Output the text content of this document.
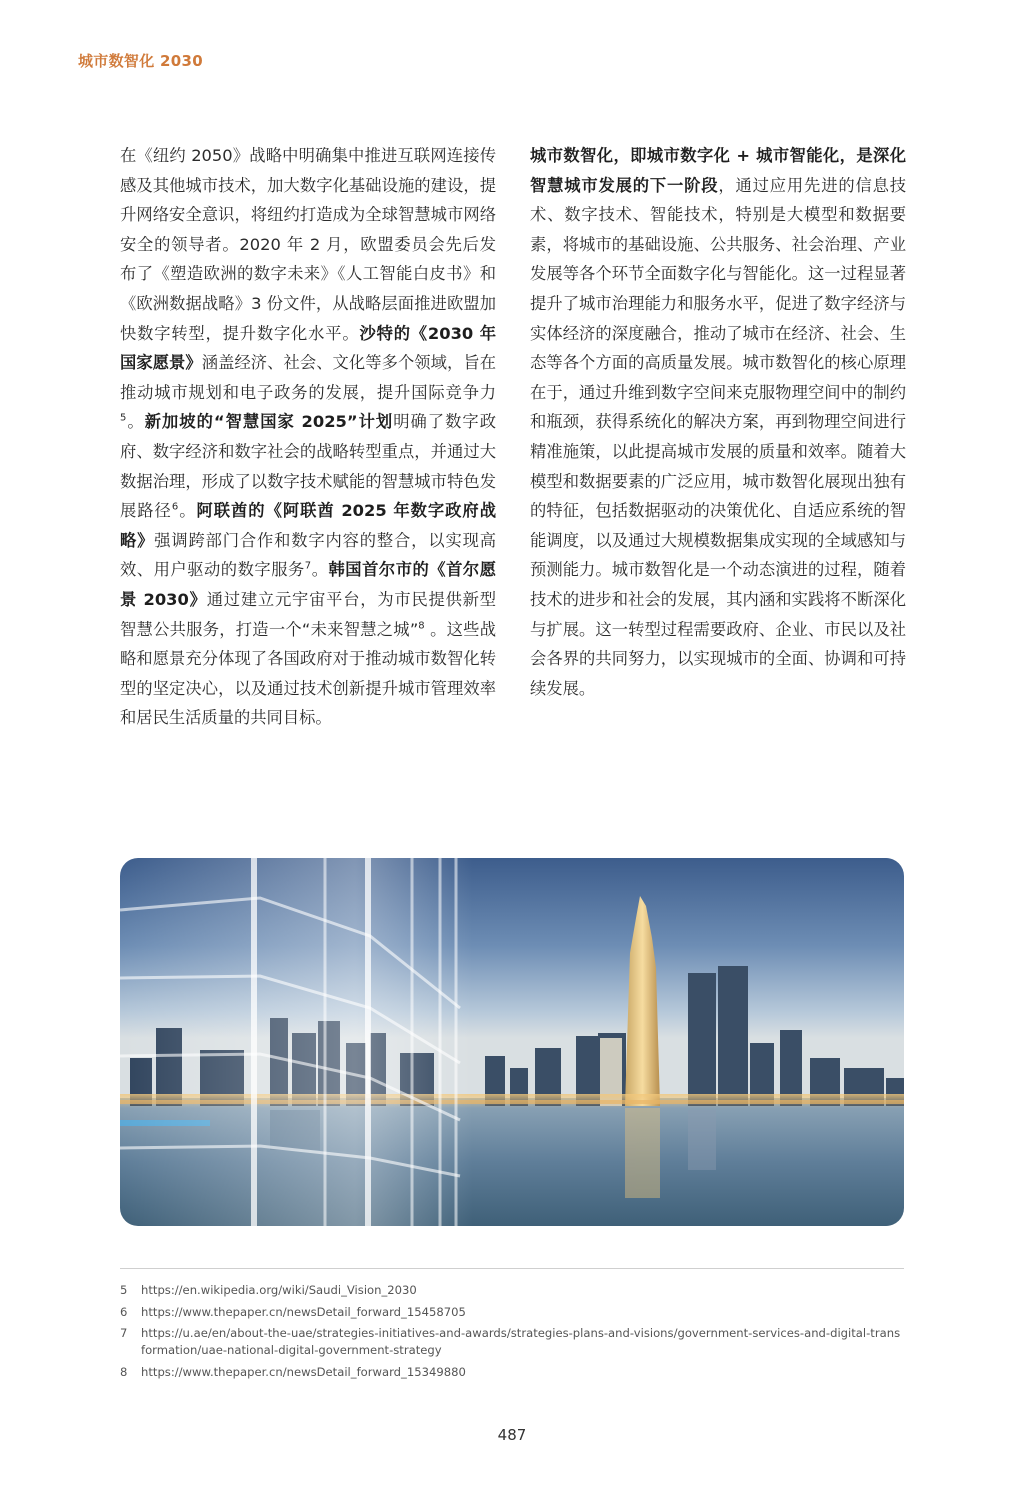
城市数智化 2030
在《纽约 2050》战略中明确集中推进互联网连接传感及其他城市技术，加大数字化基础设施的建设，提升网络安全意识，将纽约打造成为全球智慧城市网络安全的领导者。2020 年 2 月，欧盟委员会先后发布了《塑造欧洲的数字未来》《人工智能白皮书》和《欧洲数据战略》3 份文件，从战略层面推进欧盟加快数字转型，提升数字化水平。沙特的《2030 年国家愿景》涵盖经济、社会、文化等多个领域，旨在推动城市规划和电子政务的发展，提升国际竞争力$^5$。新加坡的“智慧国家 2025”计划明确了数字政府、数字经济和数字社会的战略转型重点，并通过大数据治理，形成了以数字技术赋能的智慧城市特色发展路径$^6$。阿联酋的《阿联酋 2025 年数字政府战略》强调跨部门合作和数字内容的整合，以实现高效、用户驱动的数字服务$^7$。韩国首尔市的《首尔愿景 2030》通过建立元宇宙平台，为市民提供新型智慧公共服务，打造一个“未来智慧之城”$^8$ 。这些战略和愿景充分体现了各国政府对于推动城市数智化转型的坚定决心，以及通过技术创新提升城市管理效率和居民生活质量的共同目标。
城市数智化，即城市数字化 + 城市智能化，是深化智慧城市发展的下一阶段，通过应用先进的信息技术、数字技术、智能技术，特别是大模型和数据要素，将城市的基础设施、公共服务、社会治理、产业发展等各个环节全面数字化与智能化。这一过程显著提升了城市治理能力和服务水平，促进了数字经济与实体经济的深度融合，推动了城市在经济、社会、生态等各个方面的高质量发展。城市数智化的核心原理在于，通过升维到数字空间来克服物理空间中的制约和瓶颈，获得系统化的解决方案，再到物理空间进行精准施策，以此提高城市发展的质量和效率。随着大模型和数据要素的广泛应用，城市数智化展现出独有的特征，包括数据驱动的决策优化、自适应系统的智能调度，以及通过大规模数据集成实现的全域感知与预测能力。城市数智化是一个动态演进的过程，随着技术的进步和社会的发展，其内涵和实践将不断深化与扩展。这一转型过程需要政府、企业、市民以及社会各界的共同努力，以实现城市的全面、协调和可持续发展。
5	https://en.wikipedia.org/wiki/Saudi_Vision_2030
6	https://www.thepaper.cn/newsDetail_forward_15458705
7	https://u.ae/en/about-the-uae/strategies-initiatives-and-awards/strategies-plans-and-visions/government-services-and-digital-transformation/uae-national-digital-government-strategy
8	https://www.thepaper.cn/newsDetail_forward_15349880
487
